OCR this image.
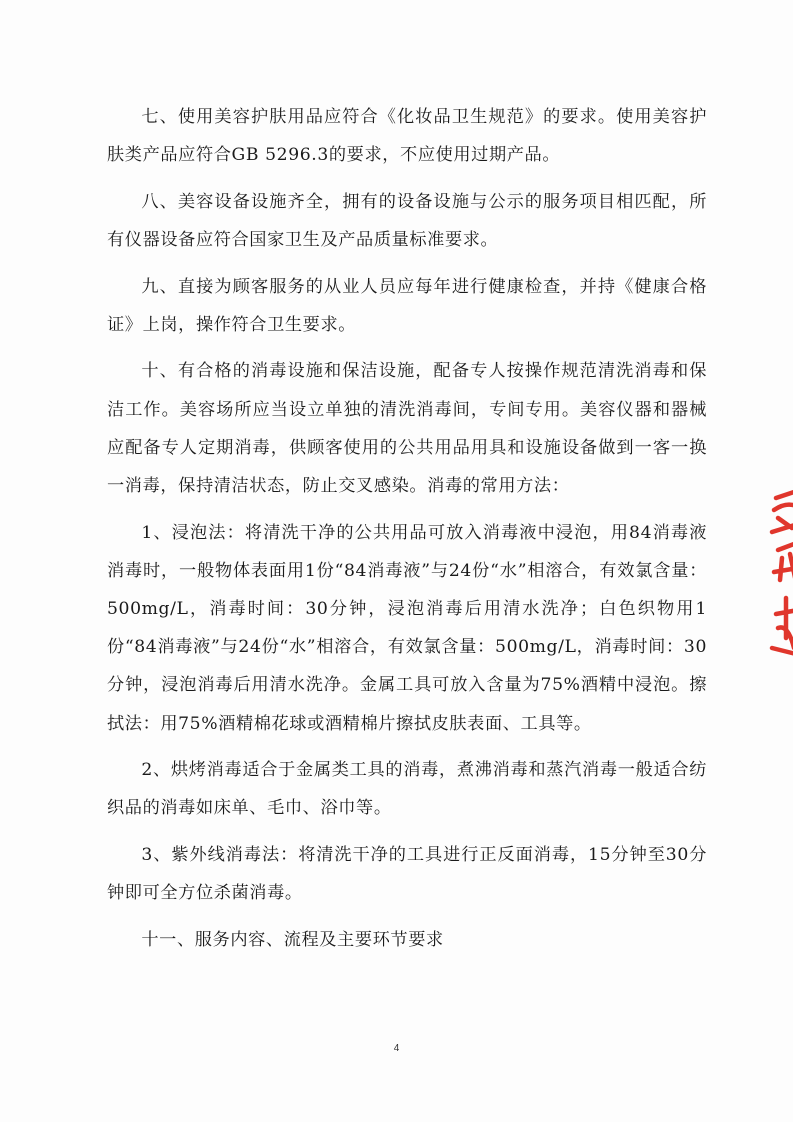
七、使用美容护肤用品应符合《化妆品卫生规范》的要求。使用美容护肤类产品应符合GB 5296.3的要求，不应使用过期产品。

八、美容设备设施齐全，拥有的设备设施与公示的服务项目相匹配，所有仪器设备应符合国家卫生及产品质量标准要求。

九、直接为顾客服务的从业人员应每年进行健康检查，并持《健康合格证》上岗，操作符合卫生要求。

十、有合格的消毒设施和保洁设施，配备专人按操作规范清洗消毒和保洁工作。美容场所应当设立单独的清洗消毒间，专间专用。美容仪器和器械应配备专人定期消毒，供顾客使用的公共用品用具和设施设备做到一客一换一消毒，保持清洁状态，防止交叉感染。消毒的常用方法：

1、浸泡法：将清洗干净的公共用品可放入消毒液中浸泡，用84消毒液消毒时，一般物体表面用1份“84消毒液”与24份“水”相溶合，有效氯含量：500mg/L，消毒时间：30分钟，浸泡消毒后用清水洗净；白色织物用1份“84消毒液”与24份“水”相溶合，有效氯含量：500mg/L，消毒时间：30分钟，浸泡消毒后用清水洗净。金属工具可放入含量为75%酒精中浸泡。擦拭法：用75%酒精棉花球或酒精棉片擦拭皮肤表面、工具等。

2、烘烤消毒适合于金属类工具的消毒，煮沸消毒和蒸汽消毒一般适合纺织品的消毒如床单、毛巾、浴巾等。

3、紫外线消毒法：将清洗干净的工具进行正反面消毒，15分钟至30分钟即可全方位杀菌消毒。

十一、服务内容、流程及主要环节要求

4
